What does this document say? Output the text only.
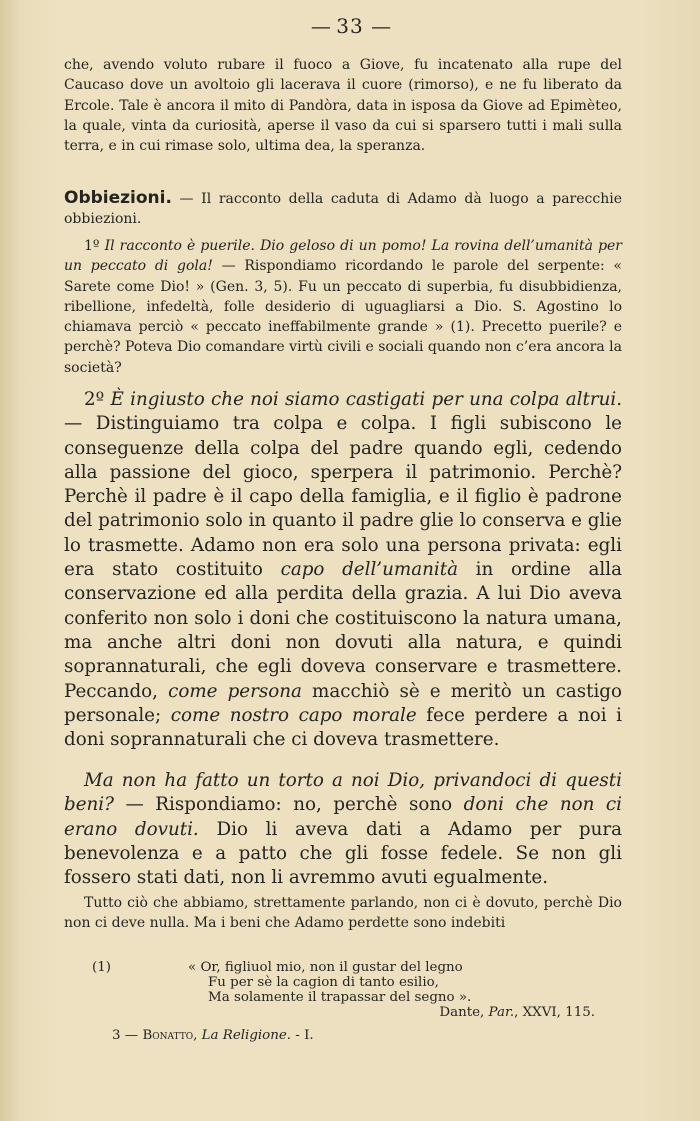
— 33 —

che, avendo voluto rubare il fuoco a Giove, fu incatenato alla rupe del Caucaso dove un avoltoio gli lacerava il cuore (rimorso), e ne fu liberato da Ercole. Tale è ancora il mito di Pandòra, data in isposa da Giove ad Epimèteo, la quale, vinta da curiosità, aperse il vaso da cui si sparsero tutti i mali sulla terra, e in cui rimase solo, ultima dea, la speranza.

Obbiezioni. — Il racconto della caduta di Adamo dà luogo a parecchie obbiezioni.

1º Il racconto è puerile. Dio geloso di un pomo! La rovina dell’umanità per un peccato di gola! — Rispondiamo ricordando le parole del serpente: « Sarete come Dio! » (Gen. 3, 5). Fu un peccato di superbia, fu disubbidienza, ribellione, infedeltà, folle desiderio di uguagliarsi a Dio. S. Agostino lo chiamava perciò « peccato ineffabilmente grande » (1). Precetto puerile? e perchè? Poteva Dio comandare virtù civili e sociali quando non c’era ancora la società?

2º È ingiusto che noi siamo castigati per una colpa altrui. — Distinguiamo tra colpa e colpa. I figli subiscono le conseguenze della colpa del padre quando egli, cedendo alla passione del gioco, sperpera il patrimonio. Perchè? Perchè il padre è il capo della famiglia, e il figlio è padrone del patrimonio solo in quanto il padre glie lo conserva e glie lo trasmette. Adamo non era solo una persona privata: egli era stato costituito capo dell’umanità in ordine alla conservazione ed alla perdita della grazia. A lui Dio aveva conferito non solo i doni che costituiscono la natura umana, ma anche altri doni non dovuti alla natura, e quindi soprannaturali, che egli doveva conservare e trasmettere. Peccando, come persona macchiò sè e meritò un castigo personale; come nostro capo morale fece perdere a noi i doni soprannaturali che ci doveva trasmettere.

Ma non ha fatto un torto a noi Dio, privandoci di questi beni? — Rispondiamo: no, perchè sono doni che non ci erano dovuti. Dio li aveva dati a Adamo per pura benevolenza e a patto che gli fosse fedele. Se non gli fossero stati dati, non li avremmo avuti egualmente.

Tutto ciò che abbiamo, strettamente parlando, non ci è dovuto, perchè Dio non ci deve nulla. Ma i beni che Adamo perdette sono indebiti

(1)	« Or, figliuol mio, non il gustar del legno
Fu per sè la cagion di tanto esilio,
Ma solamente il trapassar del segno ».
Dante, Par., XXVI, 115.
3 — Bonatto, La Religione. - I.
